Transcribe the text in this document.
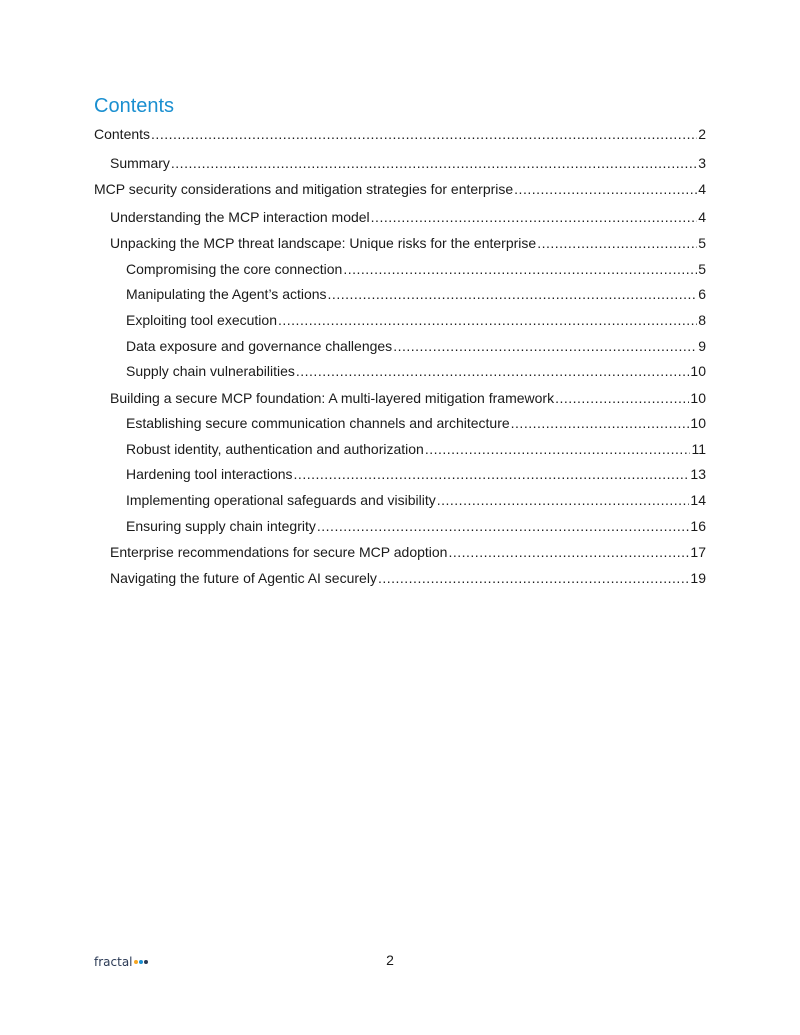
Contents
Contents .....	2
Summary .....	3
MCP security considerations and mitigation strategies for enterprise .....	4
Understanding the MCP interaction model .....	4
Unpacking the MCP threat landscape: Unique risks for the enterprise .....	5
Compromising the core connection .....	5
Manipulating the Agent’s actions .....	6
Exploiting tool execution .....	8
Data exposure and governance challenges .....	9
Supply chain vulnerabilities .....	10
Building a secure MCP foundation: A multi-layered mitigation framework .....	10
Establishing secure communication channels and architecture .....	10
Robust identity, authentication and authorization .....	11
Hardening tool interactions .....	13
Implementing operational safeguards and visibility .....	14
Ensuring supply chain integrity .....	16
Enterprise recommendations for secure MCP adoption .....	17
Navigating the future of Agentic AI securely .....	19
fractal	2
